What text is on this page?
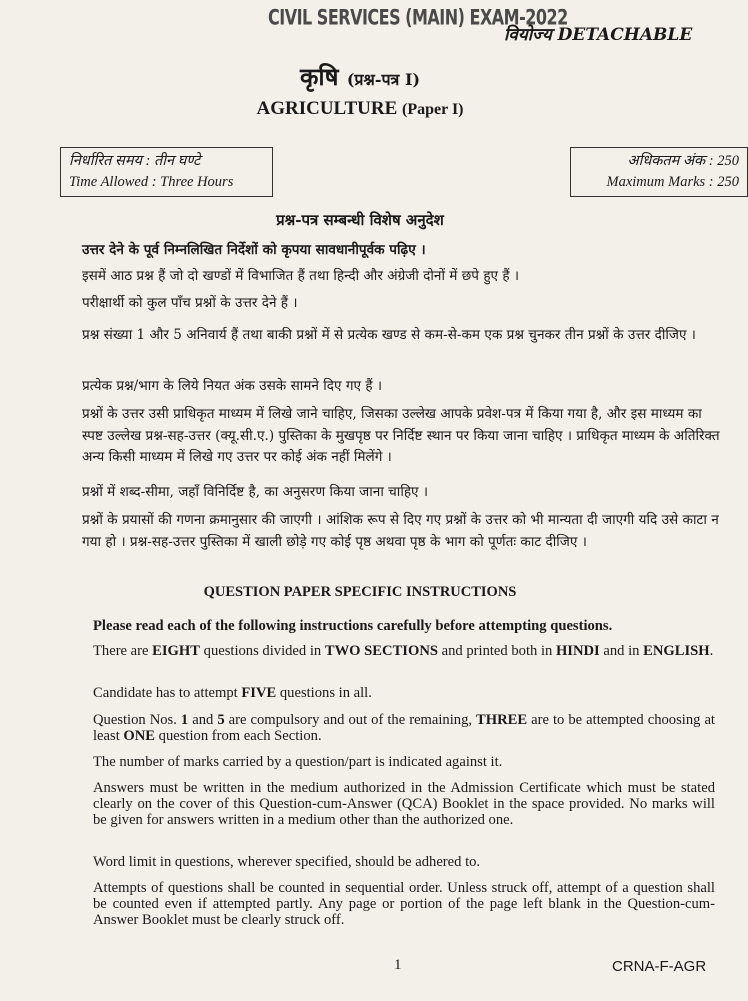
CIVIL SERVICES (MAIN) EXAM-2022
वियोज्य DETACHABLE
कृषि (प्रश्न-पत्र I)
AGRICULTURE (Paper I)
निर्धारित समय : तीन घण्टे
Time Allowed : Three Hours
अधिकतम अंक : 250
Maximum Marks : 250
प्रश्न-पत्र सम्बन्धी विशेष अनुदेश
उत्तर देने के पूर्व निम्नलिखित निर्देशों को कृपया सावधानीपूर्वक पढ़िए ।
इसमें आठ प्रश्न हैं जो दो खण्डों में विभाजित हैं तथा हिन्दी और अंग्रेजी दोनों में छपे हुए हैं ।
परीक्षार्थी को कुल पाँच प्रश्नों के उत्तर देने हैं ।
प्रश्न संख्या 1 और 5 अनिवार्य हैं तथा बाकी प्रश्नों में से प्रत्येक खण्ड से कम-से-कम एक प्रश्न चुनकर तीन प्रश्नों के उत्तर दीजिए ।
प्रत्येक प्रश्न/भाग के लिये नियत अंक उसके सामने दिए गए हैं ।
प्रश्नों के उत्तर उसी प्राधिकृत माध्यम में लिखे जाने चाहिए, जिसका उल्लेख आपके प्रवेश-पत्र में किया गया है, और इस माध्यम का स्पष्ट उल्लेख प्रश्न-सह-उत्तर (क्यू.सी.ए.) पुस्तिका के मुखपृष्ठ पर निर्दिष्ट स्थान पर किया जाना चाहिए । प्राधिकृत माध्यम के अतिरिक्त अन्य किसी माध्यम में लिखे गए उत्तर पर कोई अंक नहीं मिलेंगे ।
प्रश्नों में शब्द-सीमा, जहाँ विनिर्दिष्ट है, का अनुसरण किया जाना चाहिए ।
प्रश्नों के प्रयासों की गणना क्रमानुसार की जाएगी । आंशिक रूप से दिए गए प्रश्नों के उत्तर को भी मान्यता दी जाएगी यदि उसे काटा न गया हो । प्रश्न-सह-उत्तर पुस्तिका में खाली छोड़े गए कोई पृष्ठ अथवा पृष्ठ के भाग को पूर्णतः काट दीजिए ।
QUESTION PAPER SPECIFIC INSTRUCTIONS
Please read each of the following instructions carefully before attempting questions.
There are EIGHT questions divided in TWO SECTIONS and printed both in HINDI and in ENGLISH.
Candidate has to attempt FIVE questions in all.
Question Nos. 1 and 5 are compulsory and out of the remaining, THREE are to be attempted choosing at least ONE question from each Section.
The number of marks carried by a question/part is indicated against it.
Answers must be written in the medium authorized in the Admission Certificate which must be stated clearly on the cover of this Question-cum-Answer (QCA) Booklet in the space provided. No marks will be given for answers written in a medium other than the authorized one.
Word limit in questions, wherever specified, should be adhered to.
Attempts of questions shall be counted in sequential order. Unless struck off, attempt of a question shall be counted even if attempted partly. Any page or portion of the page left blank in the Question-cum-Answer Booklet must be clearly struck off.
1	CRNA-F-AGR
